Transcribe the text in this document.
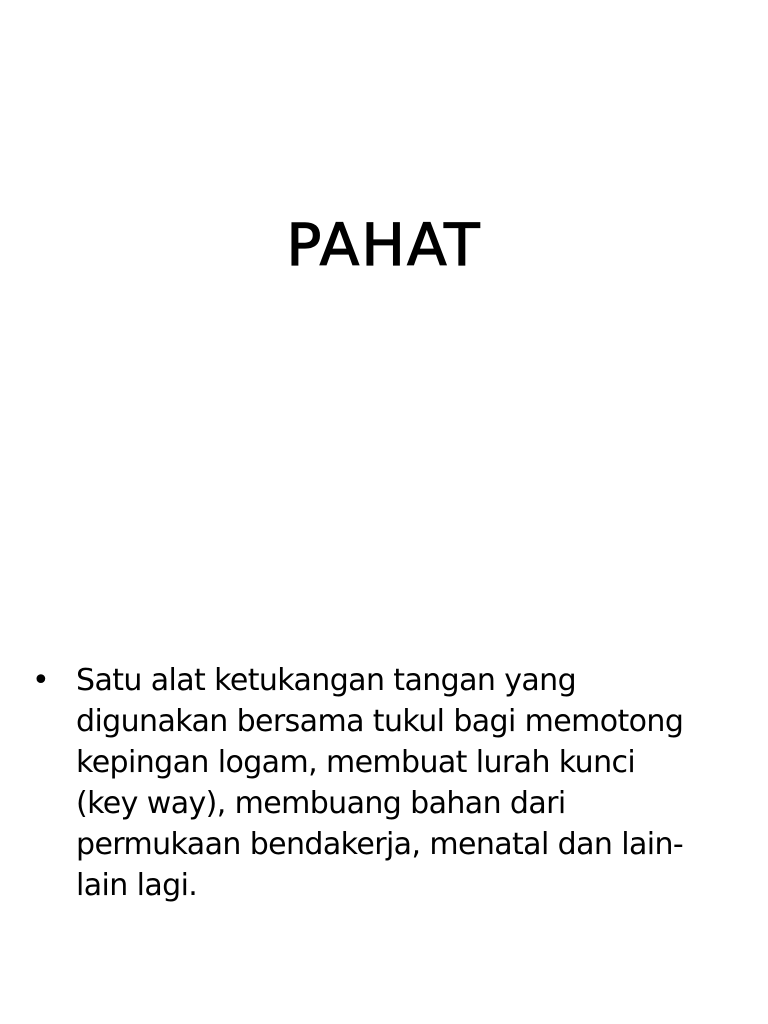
PAHAT
• Satu alat ketukangan tangan yang
digunakan bersama tukul bagi memotong
kepingan logam, membuat lurah kunci
(key way), membuang bahan dari
permukaan bendakerja, menatal dan lain-
lain lagi.
